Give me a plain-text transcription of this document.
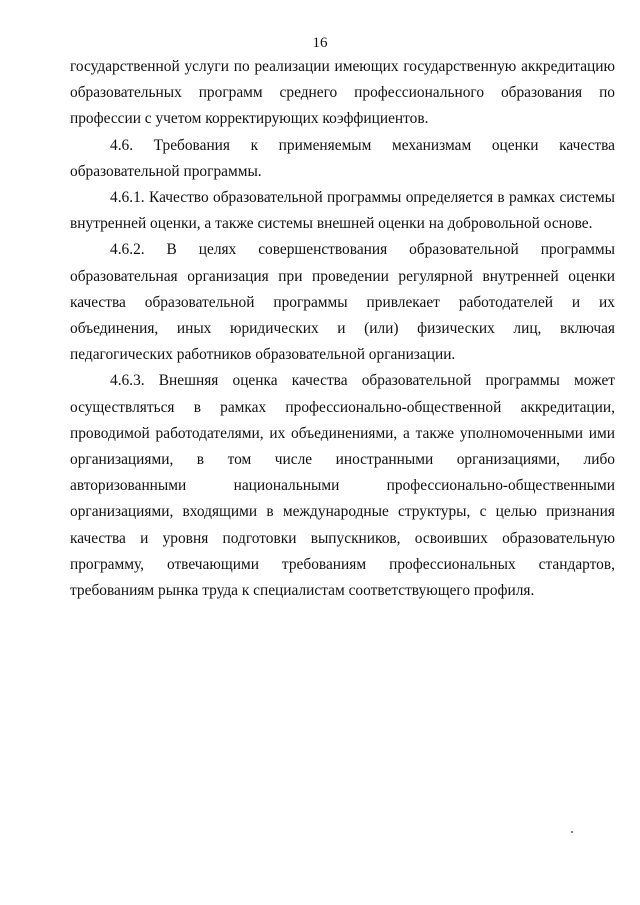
16

государственной услуги по реализации имеющих государственную аккредитацию образовательных программ среднего профессионального образования по профессии с учетом корректирующих коэффициентов.

4.6. Требования к применяемым механизмам оценки качества образовательной программы.

4.6.1. Качество образовательной программы определяется в рамках системы внутренней оценки, а также системы внешней оценки на добровольной основе.

4.6.2. В целях совершенствования образовательной программы образовательная организация при проведении регулярной внутренней оценки качества образовательной программы привлекает работодателей и их объединения, иных юридических и (или) физических лиц, включая педагогических работников образовательной организации.

4.6.3. Внешняя оценка качества образовательной программы может осуществляться в рамках профессионально-общественной аккредитации, проводимой работодателями, их объединениями, а также уполномоченными ими организациями, в том числе иностранными организациями, либо авторизованными национальными профессионально-общественными организациями, входящими в международные структуры, с целью признания качества и уровня подготовки выпускников, освоивших образовательную программу, отвечающими требованиям профессиональных стандартов, требованиям рынка труда к специалистам соответствующего профиля.
